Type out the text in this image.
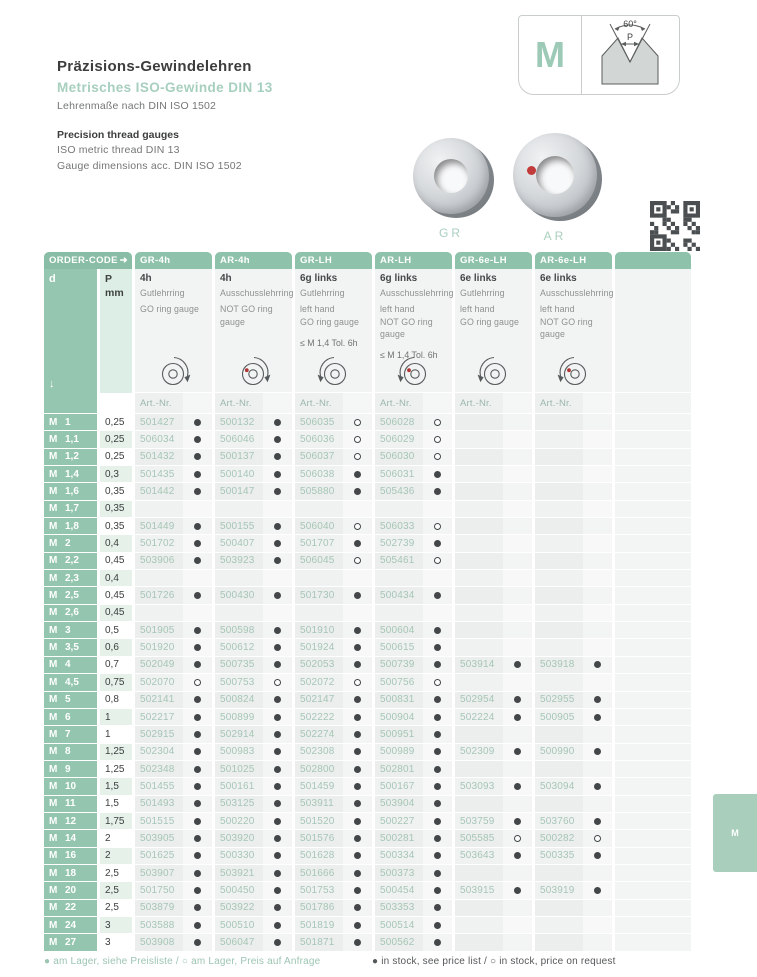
Präzisions-Gewindelehren
Metrisches ISO-Gewinde DIN 13
Lehrenmaße nach DIN ISO 1502
Precision thread gauges
ISO metric thread DIN 13
Gauge dimensions acc. DIN ISO 1502
M
60°
P
GR	AR
ORDER-CODE ➜	GR-4h	AR-4h	GR-LH	AR-LH	GR-6e-LH	AR-6e-LH
d
↓
P
mm
4h
Gutlehrring
GO ring gauge
4h
Ausschusslehrring
NOT GO ring gauge
6g links
Gutlehrring
left hand
GO ring gauge
≤ M 1,4 Tol. 6h
6g links
Ausschusslehrring
left hand
NOT GO ring gauge
≤ M 1,4 Tol. 6h
6e links
Gutlehrring
left hand
GO ring gauge
6e links
Ausschusslehrring
left hand
NOT GO ring gauge
Art.-Nr.	Art.-Nr.	Art.-Nr.	Art.-Nr.	Art.-Nr.	Art.-Nr.
M 1	0,25	501427	500132	506035	506028
M 1,1	0,25	506034	506046	506036	506029
M 1,2	0,25	501432	500137	506037	506030
M 1,4	0,3	501435	500140	506038	506031
M 1,6	0,35	501442	500147	505880	505436
M 1,7	0,35
M 1,8	0,35	501449	500155	506040	506033
M 2	0,4	501702	500407	501707	502739
M 2,2	0,45	503906	503923	506045	505461
M 2,3	0,4
M 2,5	0,45	501726	500430	501730	500434
M 2,6	0,45
M 3	0,5	501905	500598	501910	500604
M 3,5	0,6	501920	500612	501924	500615
M 4	0,7	502049	500735	502053	500739	503914	503918
M 4,5	0,75	502070	500753	502072	500756
M 5	0,8	502141	500824	502147	500831	502954	502955
M 6	1	502217	500899	502222	500904	502224	500905
M 7	1	502915	502914	502274	500951
M 8	1,25	502304	500983	502308	500989	502309	500990
M 9	1,25	502348	501025	502800	502801
M 10	1,5	501455	500161	501459	500167	503093	503094
M 11	1,5	501493	503125	503911	503904
M 12	1,75	501515	500220	501520	500227	503759	503760
M 14	2	503905	503920	501576	500281	505585	500282
M 16	2	501625	500330	501628	500334	503643	500335
M 18	2,5	503907	503921	501666	500373
M 20	2,5	501750	500450	501753	500454	503915	503919
M 22	2,5	503879	503922	501786	503353
M 24	3	503588	500510	501819	500514
M 27	3	503908	506047	501871	500562
● am Lager, siehe Preisliste / ○ am Lager, Preis auf Anfrage	● in stock, see price list / ○ in stock, price on request
M
